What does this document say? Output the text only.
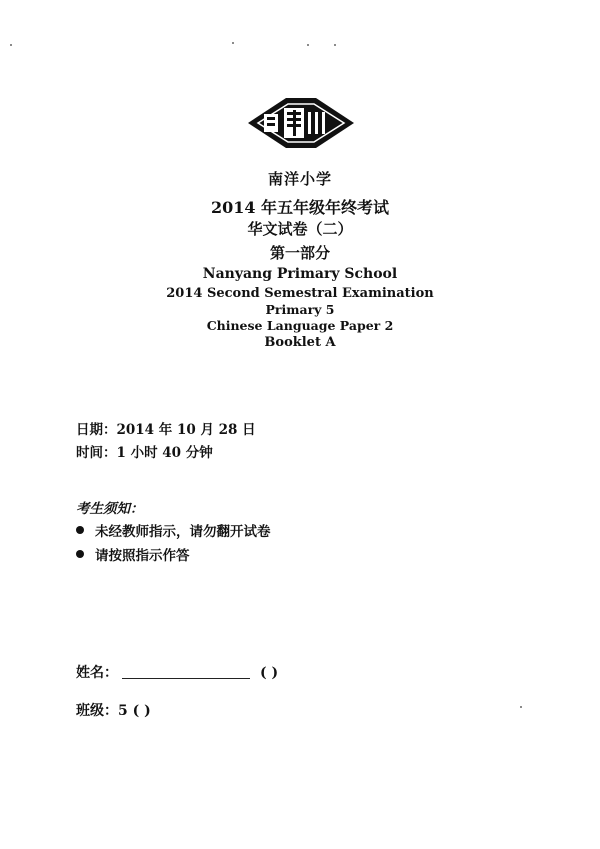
南洋小学
2014 年五年级年终考试
华文试卷（二）
第一部分
Nanyang Primary School
2014 Second Semestral Examination
Primary 5
Chinese Language Paper 2
Booklet A
日期：2014 年 10 月 28 日
时间：1 小时 40 分钟
考生须知：
未经教师指示，请勿翻开试卷
请按照指示作答
姓名：	( )
班级：5 ( )
